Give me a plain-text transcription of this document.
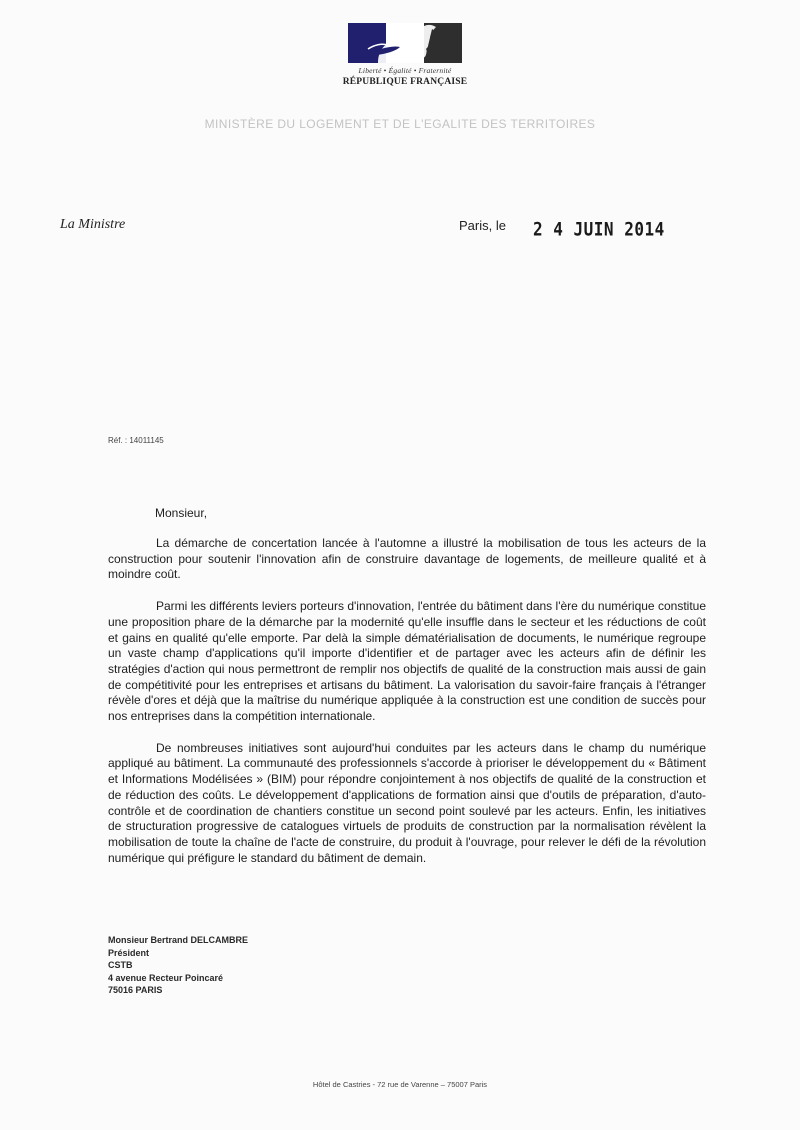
Liberté • Égalité • Fraternité
RÉPUBLIQUE FRANÇAISE
MINISTÈRE DU LOGEMENT ET DE L'EGALITE DES TERRITOIRES
La Ministre	Paris, le 2 4 JUIN 2014
Réf. : 14011145
Monsieur,

La démarche de concertation lancée à l'automne a illustré la mobilisation de tous les acteurs de la construction pour soutenir l'innovation afin de construire davantage de logements, de meilleure qualité et à moindre coût.

Parmi les différents leviers porteurs d'innovation, l'entrée du bâtiment dans l'ère du numérique constitue une proposition phare de la démarche par la modernité qu'elle insuffle dans le secteur et les réductions de coût et gains en qualité qu'elle emporte. Par delà la simple dématérialisation de documents, le numérique regroupe un vaste champ d'applications qu'il importe d'identifier et de partager avec les acteurs afin de définir les stratégies d'action qui nous permettront de remplir nos objectifs de qualité de la construction mais aussi de gain de compétitivité pour les entreprises et artisans du bâtiment. La valorisation du savoir-faire français à l'étranger révèle d'ores et déjà que la maîtrise du numérique appliquée à la construction est une condition de succès pour nos entreprises dans la compétition internationale.

De nombreuses initiatives sont aujourd'hui conduites par les acteurs dans le champ du numérique appliqué au bâtiment. La communauté des professionnels s'accorde à prioriser le développement du « Bâtiment et Informations Modélisées » (BIM) pour répondre conjointement à nos objectifs de qualité de la construction et de réduction des coûts. Le développement d'applications de formation ainsi que d'outils de préparation, d'auto-contrôle et de coordination de chantiers constitue un second point soulevé par les acteurs. Enfin, les initiatives de structuration progressive de catalogues virtuels de produits de construction par la normalisation révèlent la mobilisation de toute la chaîne de l'acte de construire, du produit à l'ouvrage, pour relever le défi de la révolution numérique qui préfigure le standard du bâtiment de demain.

Monsieur Bertrand DELCAMBRE
Président
CSTB
4 avenue Recteur Poincaré
75016 PARIS
Hôtel de Castries - 72 rue de Varenne – 75007 Paris
